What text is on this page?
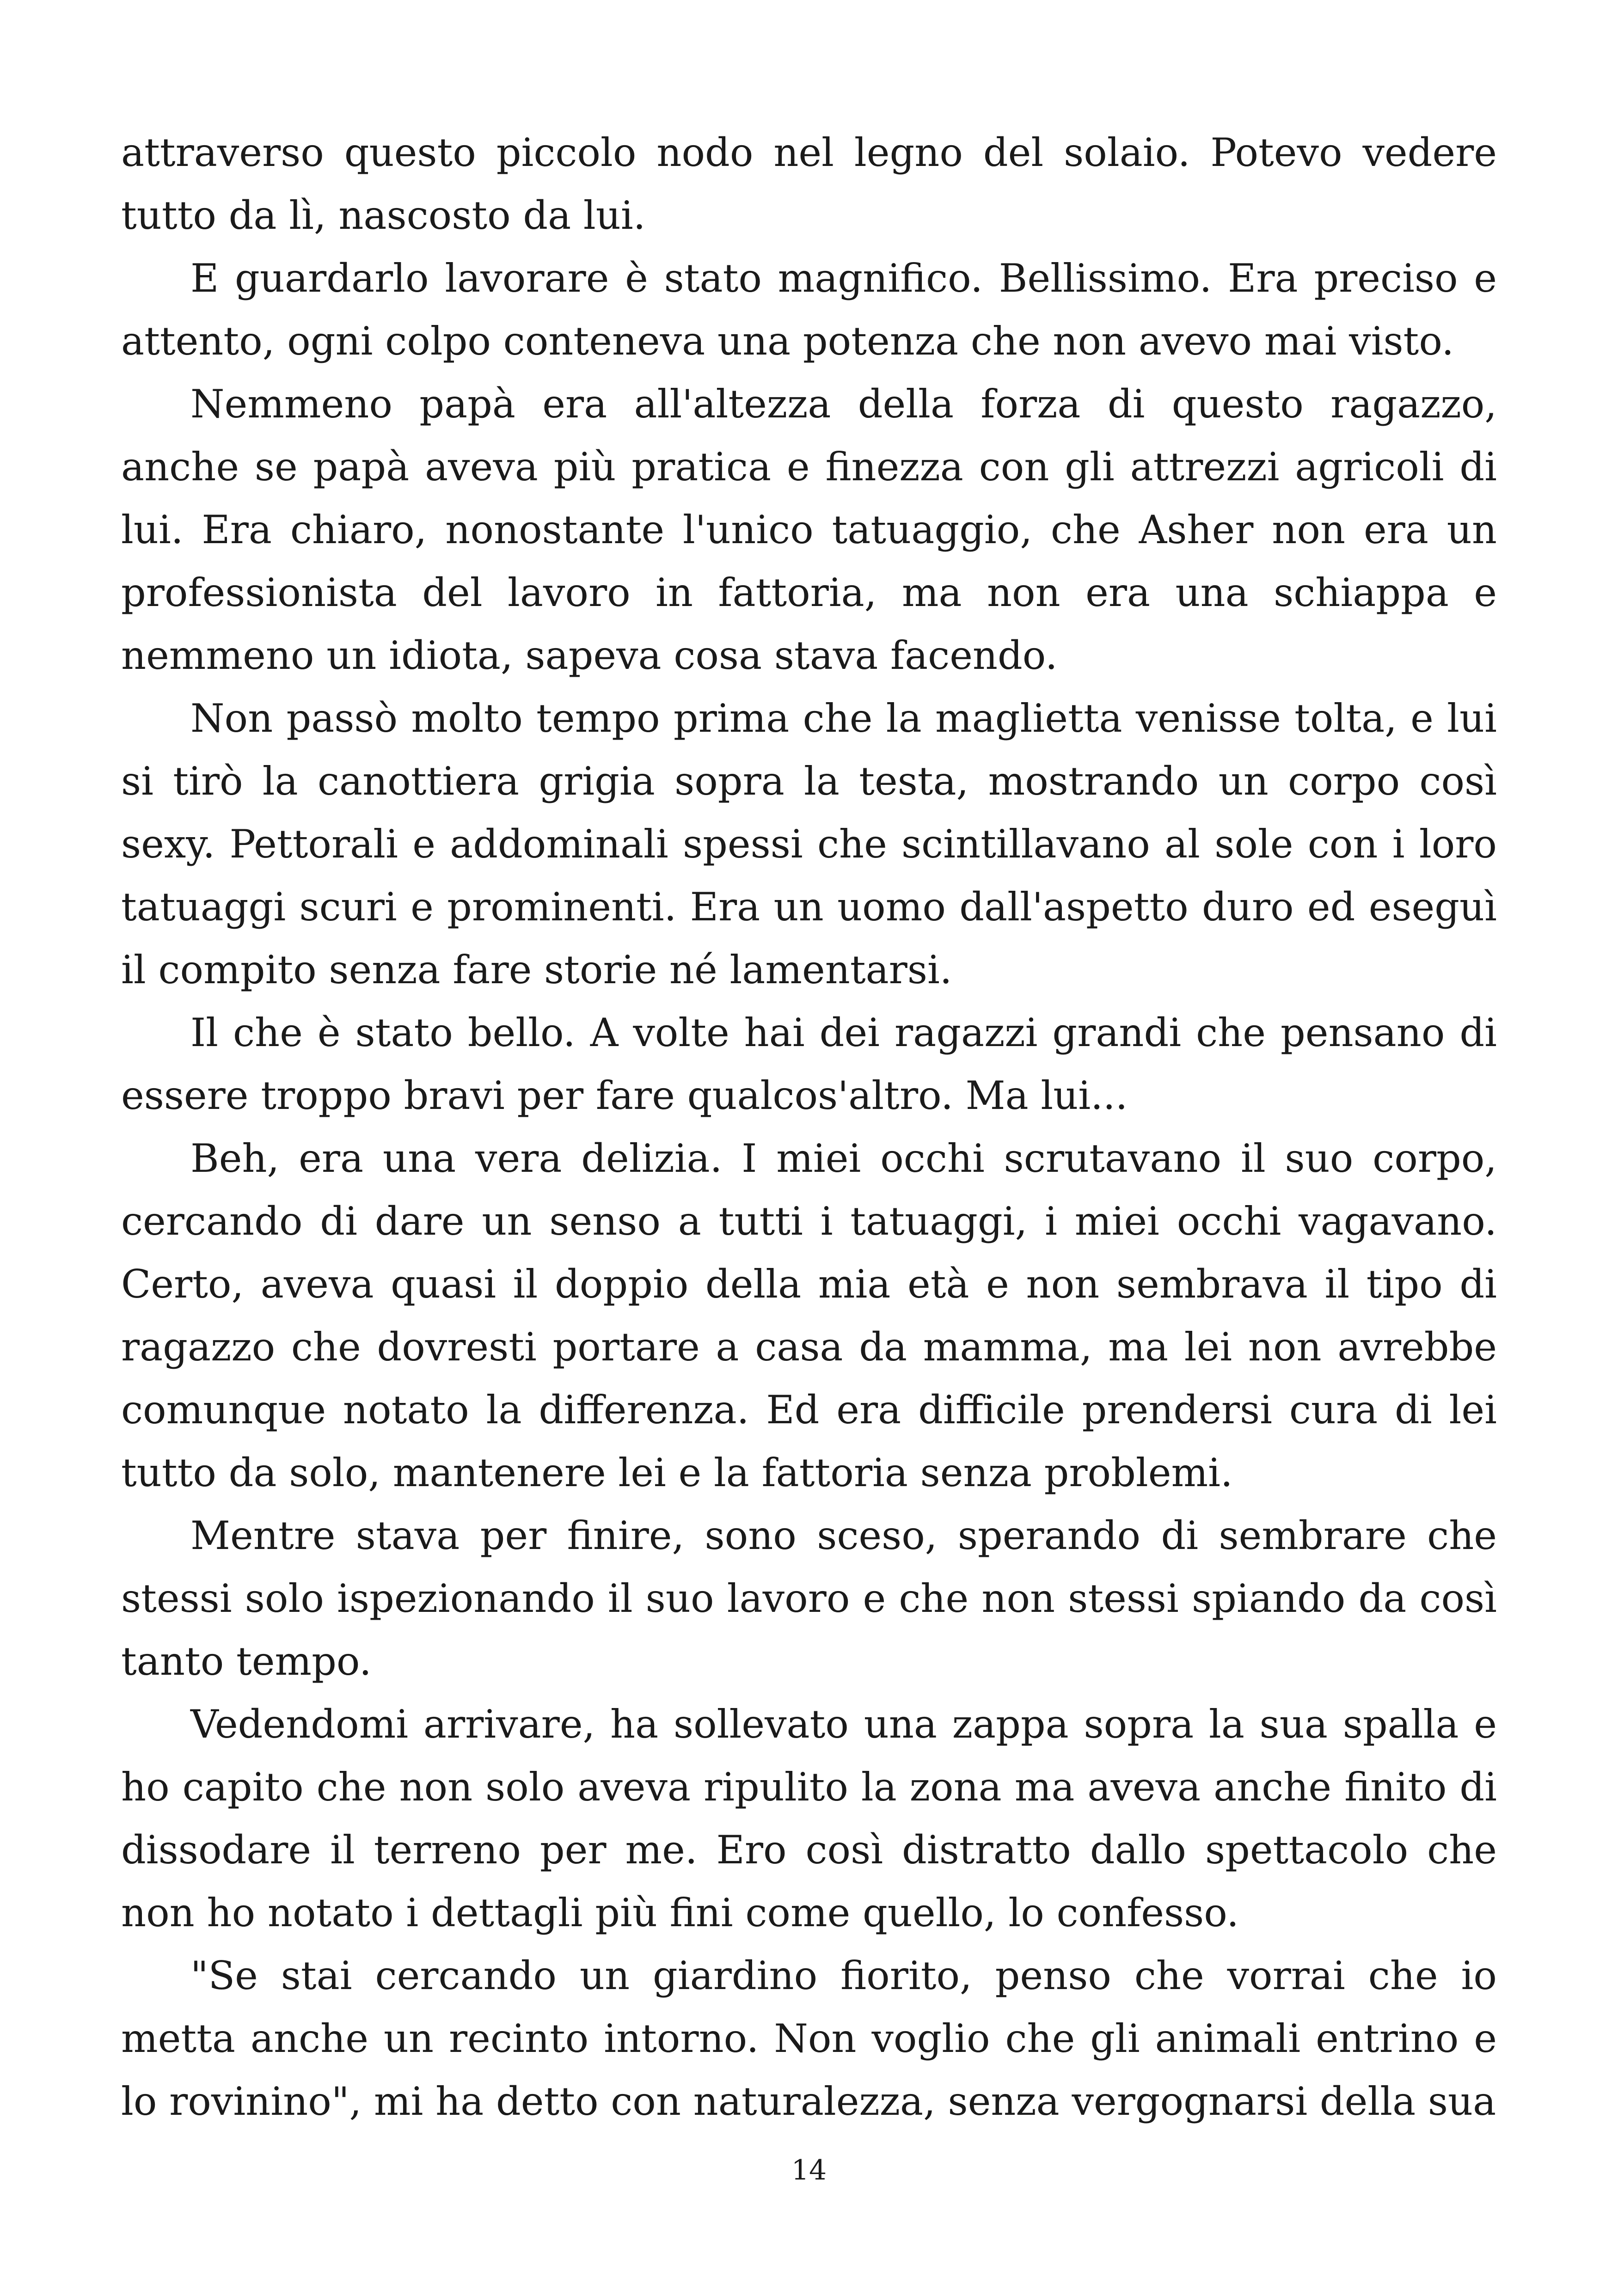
attraverso questo piccolo nodo nel legno del solaio. Potevo vedere tutto da lì, nascosto da lui.

E guardarlo lavorare è stato magnifico. Bellissimo. Era preciso e attento, ogni colpo conteneva una potenza che non avevo mai visto.

Nemmeno papà era all'altezza della forza di questo ragazzo, anche se papà aveva più pratica e finezza con gli attrezzi agricoli di lui. Era chiaro, nonostante l'unico tatuaggio, che Asher non era un professionista del lavoro in fattoria, ma non era una schiappa e nemmeno un idiota, sapeva cosa stava facendo.

Non passò molto tempo prima che la maglietta venisse tolta, e lui si tirò la canottiera grigia sopra la testa, mostrando un corpo così sexy. Pettorali e addominali spessi che scintillavano al sole con i loro tatuaggi scuri e prominenti. Era un uomo dall'aspetto duro ed eseguì il compito senza fare storie né lamentarsi.

Il che è stato bello. A volte hai dei ragazzi grandi che pensano di essere troppo bravi per fare qualcos'altro. Ma lui...

Beh, era una vera delizia. I miei occhi scrutavano il suo corpo, cercando di dare un senso a tutti i tatuaggi, i miei occhi vagavano. Certo, aveva quasi il doppio della mia età e non sembrava il tipo di ragazzo che dovresti portare a casa da mamma, ma lei non avrebbe comunque notato la differenza. Ed era difficile prendersi cura di lei tutto da solo, mantenere lei e la fattoria senza problemi.

Mentre stava per finire, sono sceso, sperando di sembrare che stessi solo ispezionando il suo lavoro e che non stessi spiando da così tanto tempo.

Vedendomi arrivare, ha sollevato una zappa sopra la sua spalla e ho capito che non solo aveva ripulito la zona ma aveva anche finito di dissodare il terreno per me. Ero così distratto dallo spettacolo che non ho notato i dettagli più fini come quello, lo confesso.

"Se stai cercando un giardino fiorito, penso che vorrai che io metta anche un recinto intorno. Non voglio che gli animali entrino e lo rovinino", mi ha detto con naturalezza, senza vergognarsi della sua

14
